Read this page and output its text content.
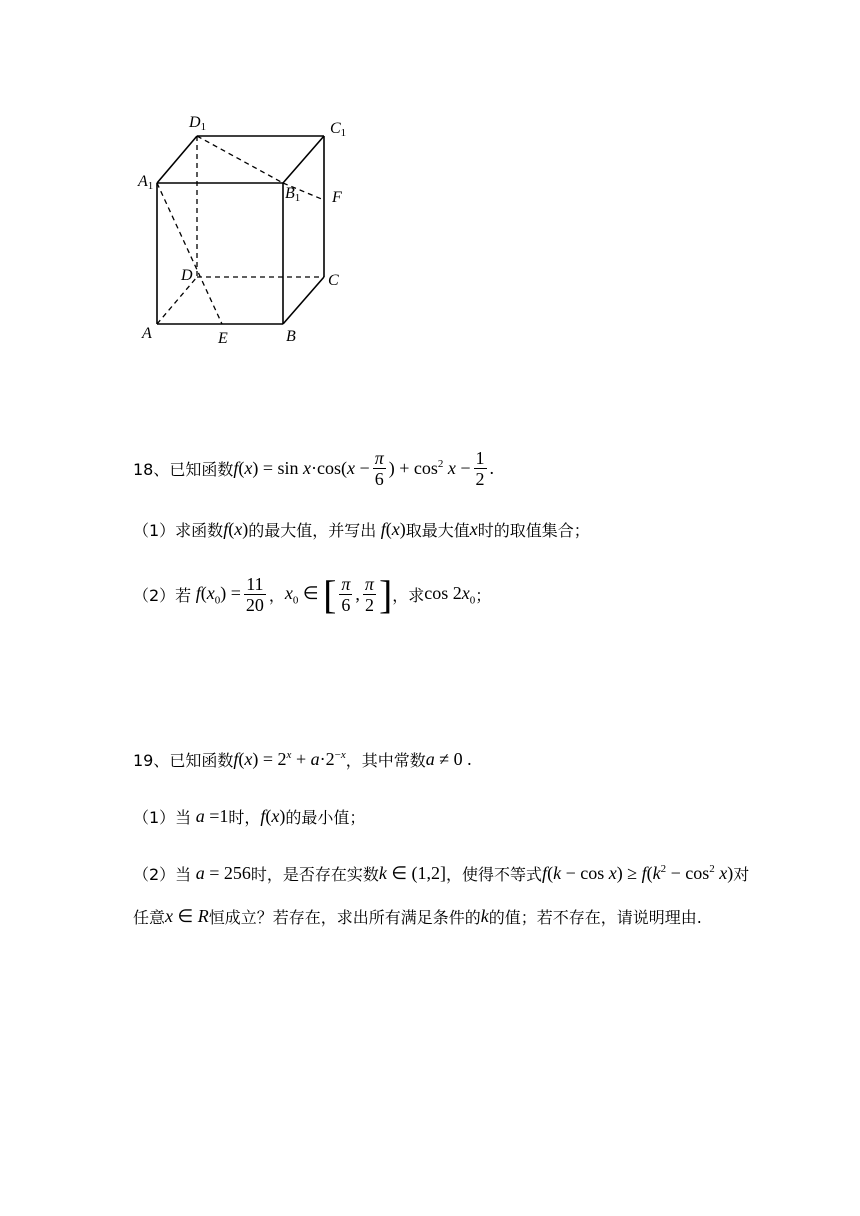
D1	C1
A1	B1 F
D	C
A	E	B
18、已知函数 $f(x) = \sin x\cdot\cos(x - \frac{\pi}{6}$ ) + $\cos^2 x - \frac{1}{2}$ .
（1）求函数 f(x) 的最大值，并写出 f(x) 取最大值 x 时的取值集合；
（2）若 $f(x_0) = \frac{11}{20}$ ， $x_0$ ∈ [ $\frac{\pi}{6}$ , $\frac{\pi}{2}$ ] ，求 $\cos 2x_0$ ；
19、已知函数 $f(x) = 2^x + a\cdot 2^{-x}$ ，其中常数 a ≠ 0 .
（1）当 a =1 时， f(x) 的最小值；
（2）当 a = 256 时，是否存在实数 k ∈ (1,2] ，使得不等式 $f(k - \cos x) \ge f(k^2 - \cos^2 x)$ 对
任意 x ∈ R 恒成立？若存在，求出所有满足条件的 k 的值；若不存在，请说明理由.
